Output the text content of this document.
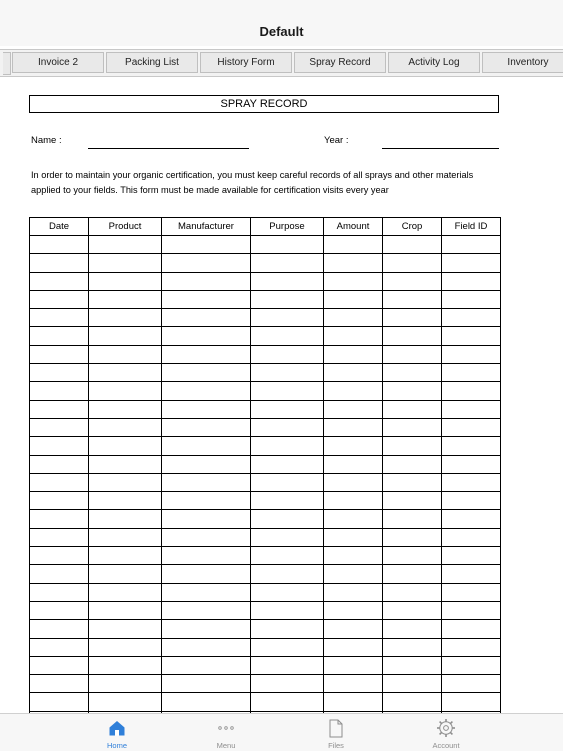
Default
Invoice 2	Packing List	History Form	Spray Record	Activity Log	Inventory
SPRAY RECORD
Name :	Year :
In order to maintain your organic certification, you must keep careful records of all sprays and other materials
applied to your fields. This form must be made available for certification visits every year
Date	Product	Manufacturer	Purpose	Amount	Crop	Field ID

Home	Menu	Files	Account
